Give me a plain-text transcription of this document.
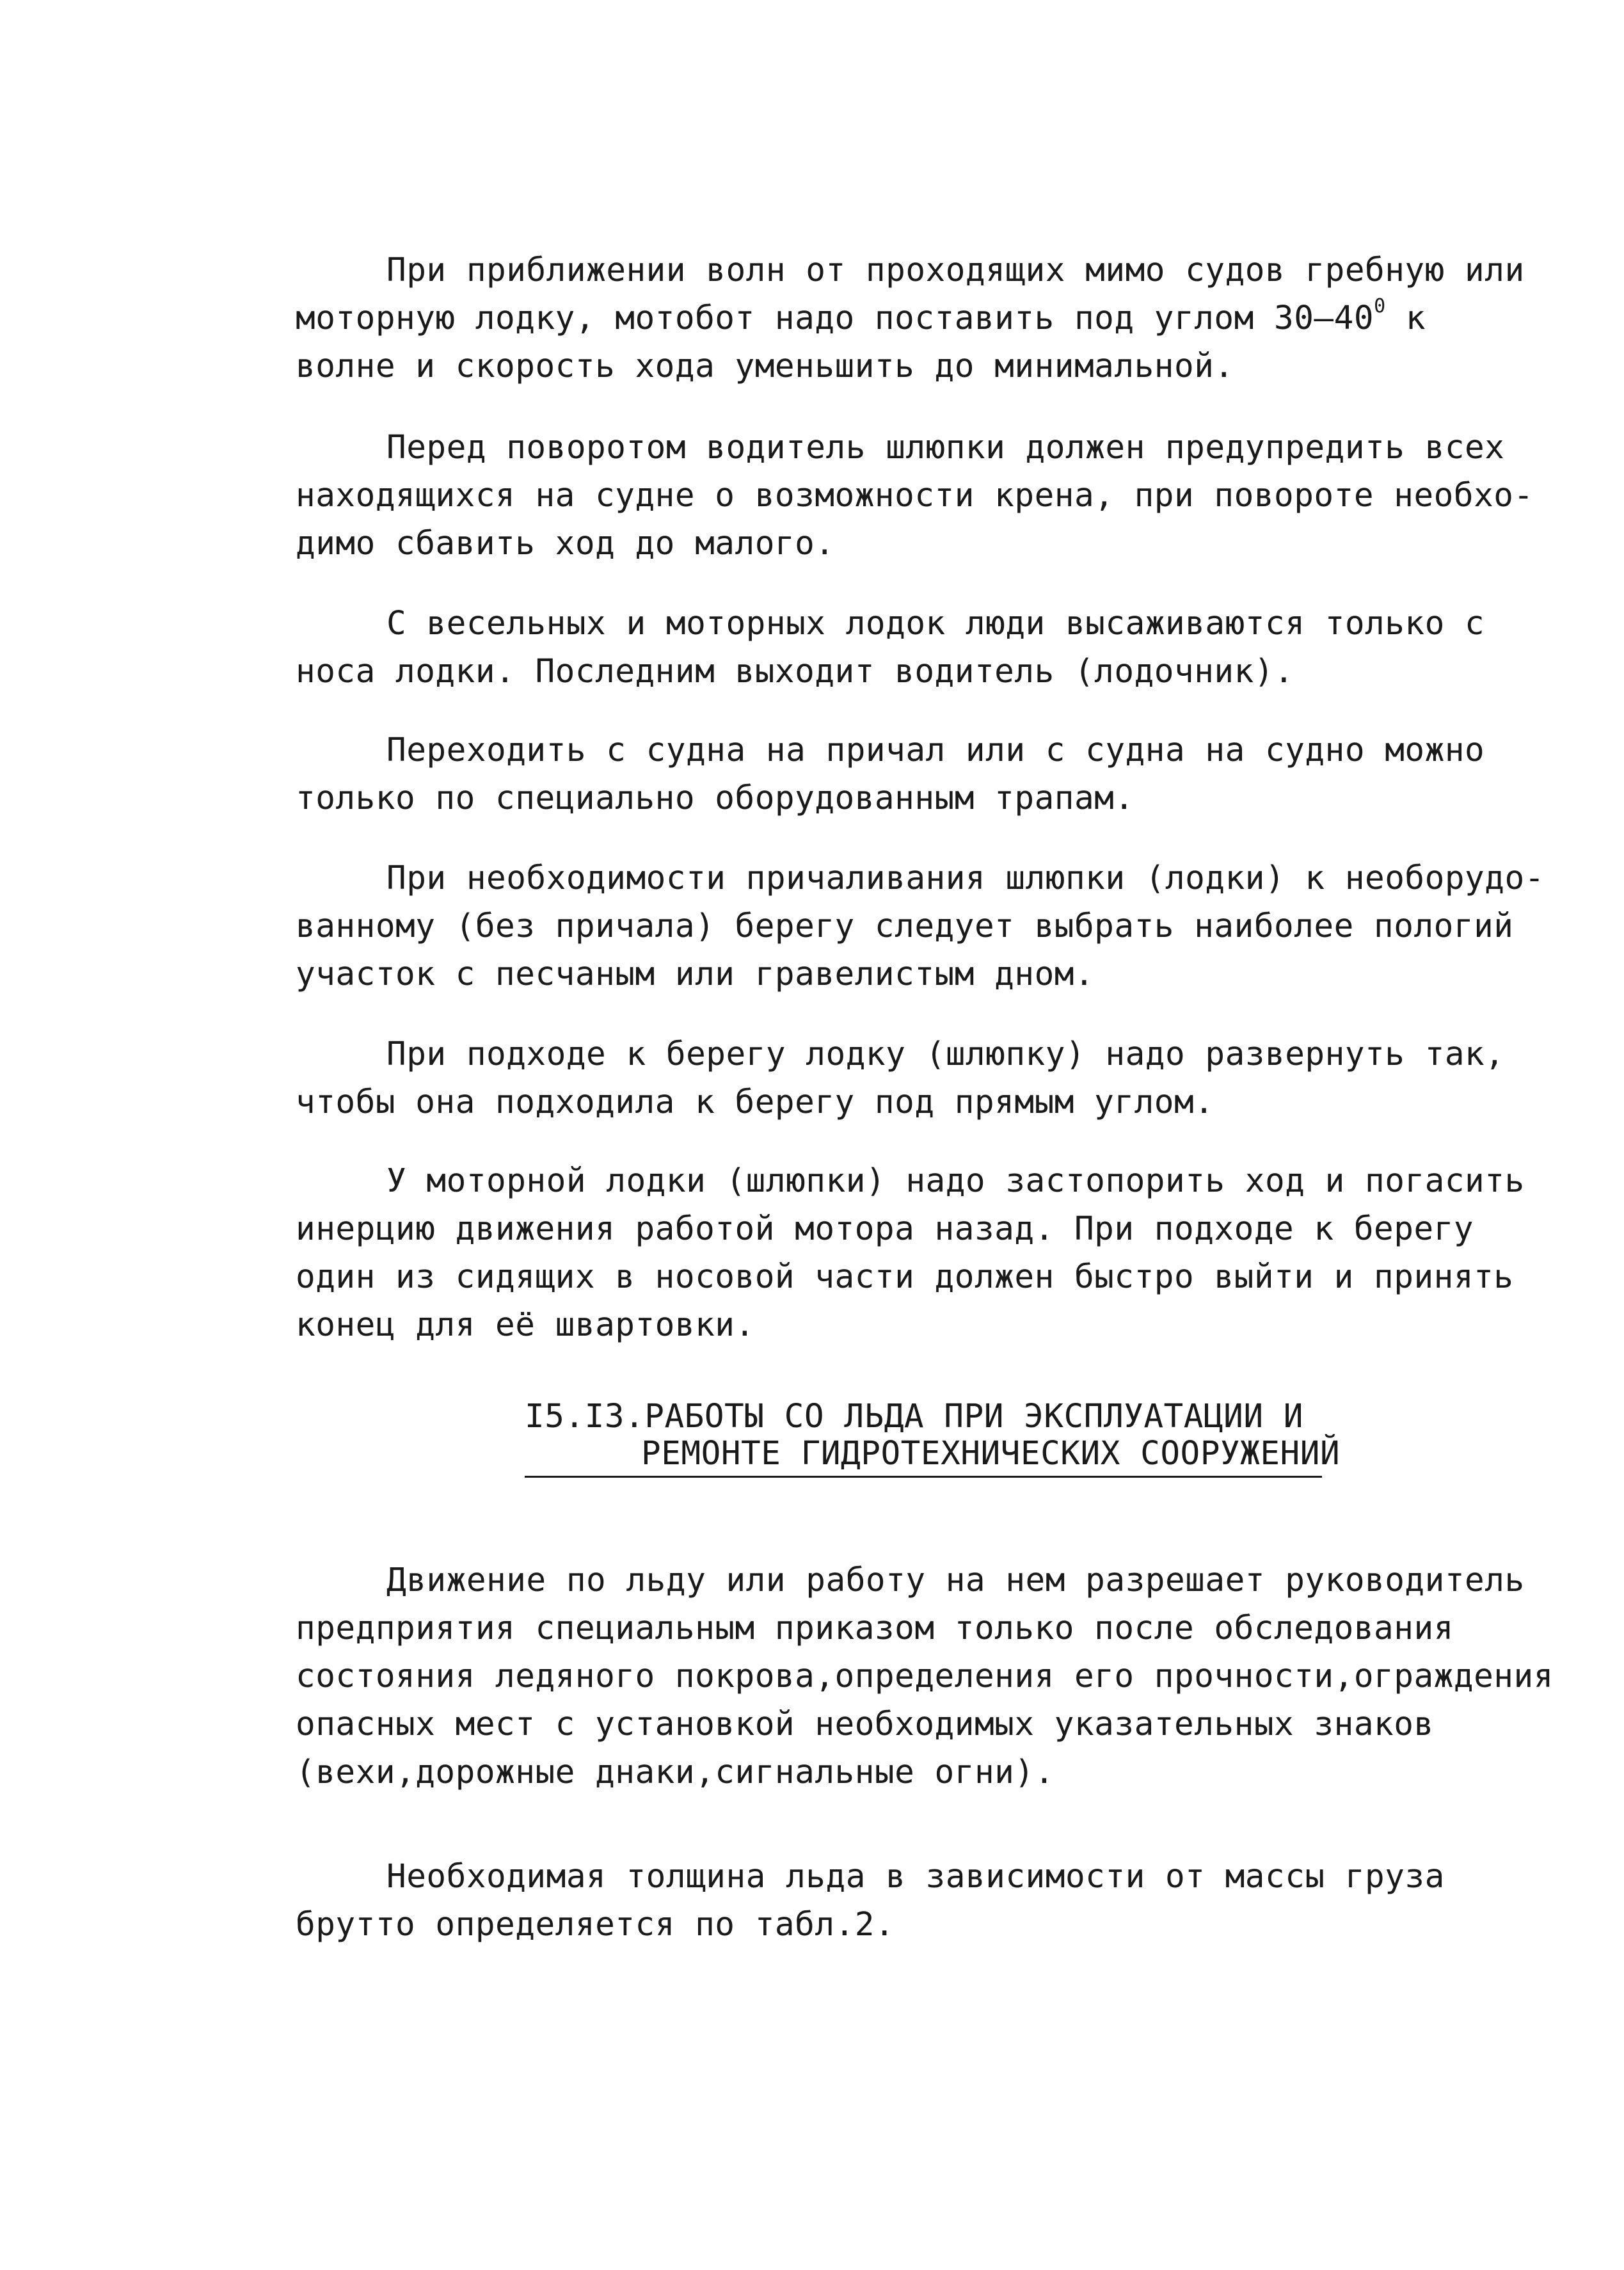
При приближении волн от проходящих мимо судов гребную или
моторную лодку, мотобот надо поставить под углом $30-40^0$ к
волне и скорость хода уменьшить до минимальной.
Перед поворотом водитель шлюпки должен предупредить всех
находящихся на судне о возможности крена, при повороте необхо-
димо сбавить ход до малого.
С весельных и моторных лодок люди высаживаются только с
носа лодки. Последним выходит водитель (лодочник).
Переходить с судна на причал или с судна на судно можно
только по специально оборудованным трапам.
При необходимости причаливания шлюпки (лодки) к необорудо-
ванному (без причала) берегу следует выбрать наиболее пологий
участок с песчаным или гравелистым дном.
При подходе к берегу лодку (шлюпку) надо развернуть так,
чтобы она подходила к берегу под прямым углом.
У моторной лодки (шлюпки) надо застопорить ход и погасить
инерцию движения работой мотора назад. При подходе к берегу
один из сидящих в носовой части должен быстро выйти и принять
конец для её швартовки.
I5.I3.РАБОТЫ СО ЛЬДА ПРИ ЭКСПЛУАТАЦИИ И
РЕМОНТЕ ГИДРОТЕХНИЧЕСКИХ СООРУЖЕНИЙ
Движение по льду или работу на нем разрешает руководитель
предприятия специальным приказом только после обследования
состояния ледяного покрова,определения его прочности,ограждения
опасных мест с установкой необходимых указательных знаков
(вехи,дорожные днаки,сигнальные огни).
Необходимая толщина льда в зависимости от массы груза
брутто определяется по табл.2.
